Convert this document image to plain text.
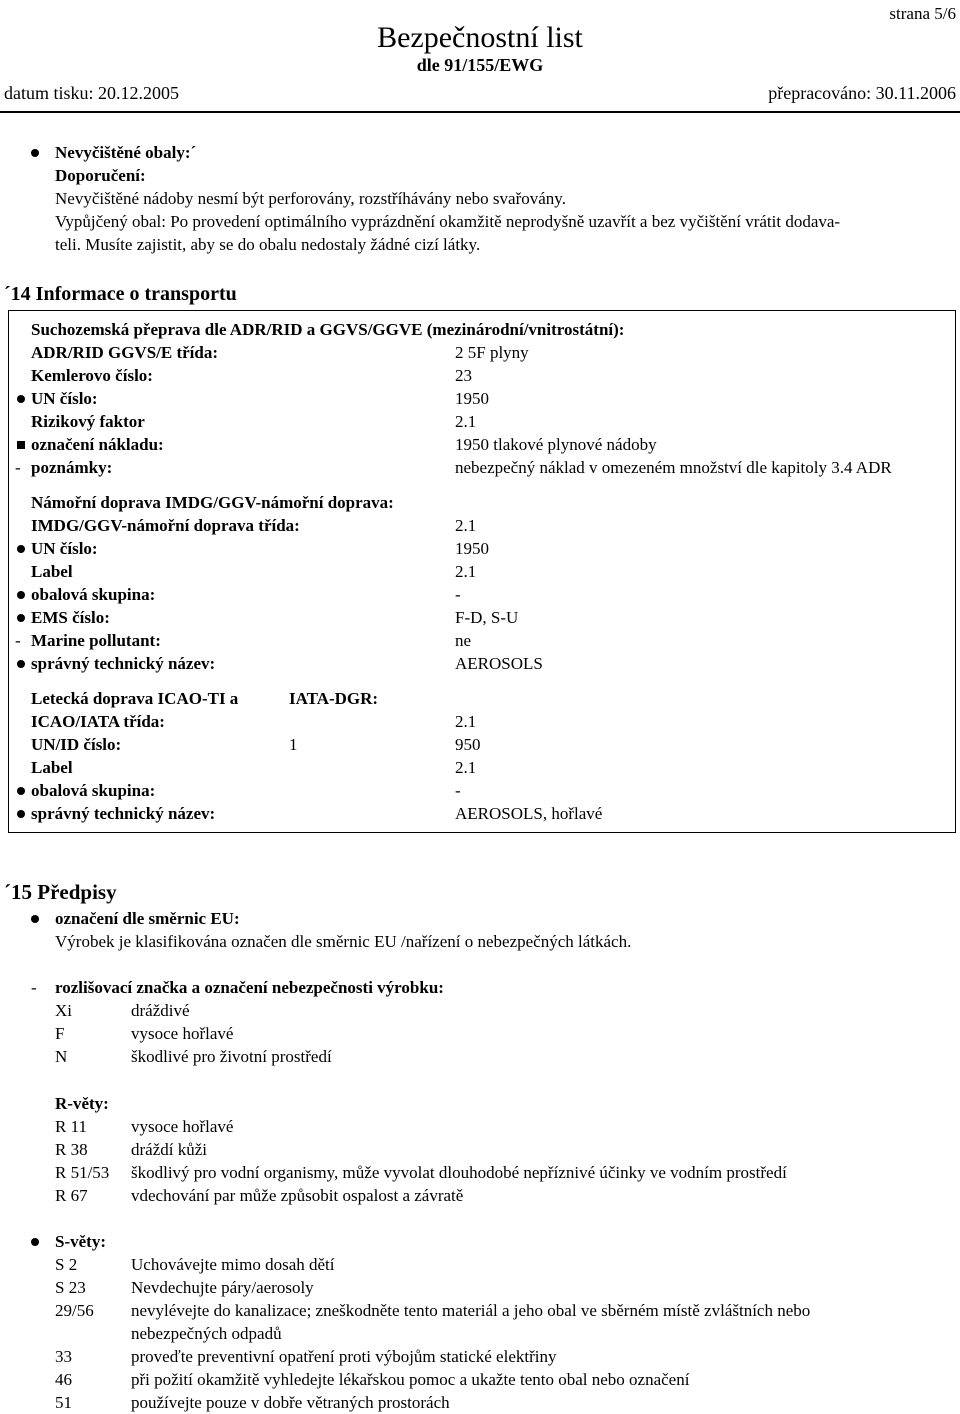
strana 5/6
Bezpečnostní list
dle 91/155/EWG
datum tisku: 20.12.2005	přepracováno: 30.11.2006
Nevyčištěné obaly:´
Doporučení:
Nevyčištěné nádoby nesmí být perforovány, rozstříhávány nebo svařovány.
Vypůjčený obal: Po provedení optimálního vyprázdnění okamžitě neprodyšně uzavřít a bez vyčištění vrátit dodava-
teli. Musíte zajistit, aby se do obalu nedostaly žádné cizí látky.
´14 Informace o transportu
Suchozemská přeprava dle ADR/RID a GGVS/GGVE (mezinárodní/vnitrostátní):
ADR/RID GGVS/E třída:	2 5F plyny
Kemlerovo číslo:	23
UN číslo:	1950
Rizikový faktor	2.1
označení nákladu:	1950 tlakové plynové nádoby
- poznámky:	nebezpečný náklad v omezeném množství dle kapitoly 3.4 ADR
Námořní doprava IMDG/GGV-námořní doprava:
IMDG/GGV-námořní doprava třída:	2.1
UN číslo:	1950
Label	2.1
obalová skupina:	-
EMS číslo:	F-D, S-U
- Marine pollutant:	ne
správný technický název:	AEROSOLS
Letecká doprava ICAO-TI a	IATA-DGR:
ICAO/IATA třída:	2.1
UN/ID číslo:	1	950
Label	2.1
obalová skupina:	-
správný technický název:	AEROSOLS, hořlavé
´15 Předpisy
označení dle směrnic EU:
Výrobek je klasifikována označen dle směrnic EU /nařízení o nebezpečných látkách.
- rozlišovací značka a označení nebezpečnosti výrobku:
Xi	dráždivé
F	vysoce hořlavé
N	škodlivé pro životní prostředí
R-věty:
R 11	vysoce hořlavé
R 38	dráždí kůži
R 51/53 škodlivý pro vodní organismy, může vyvolat dlouhodobé nepříznivé účinky ve vodním prostředí
R 67	vdechování par může způsobit ospalost a závratě
S-věty:
S 2	Uchovávejte mimo dosah dětí
S 23	Nevdechujte páry/aerosoly
29/56 nevylévejte do kanalizace; zneškodněte tento materiál a jeho obal ve sběrném místě zvláštních nebo
nebezpečných odpadů
33	proveďte preventivní opatření proti výbojům statické elektřiny
46	při požití okamžitě vyhledejte lékařskou pomoc a ukažte tento obal nebo označení
51	používejte pouze v dobře větraných prostorách
